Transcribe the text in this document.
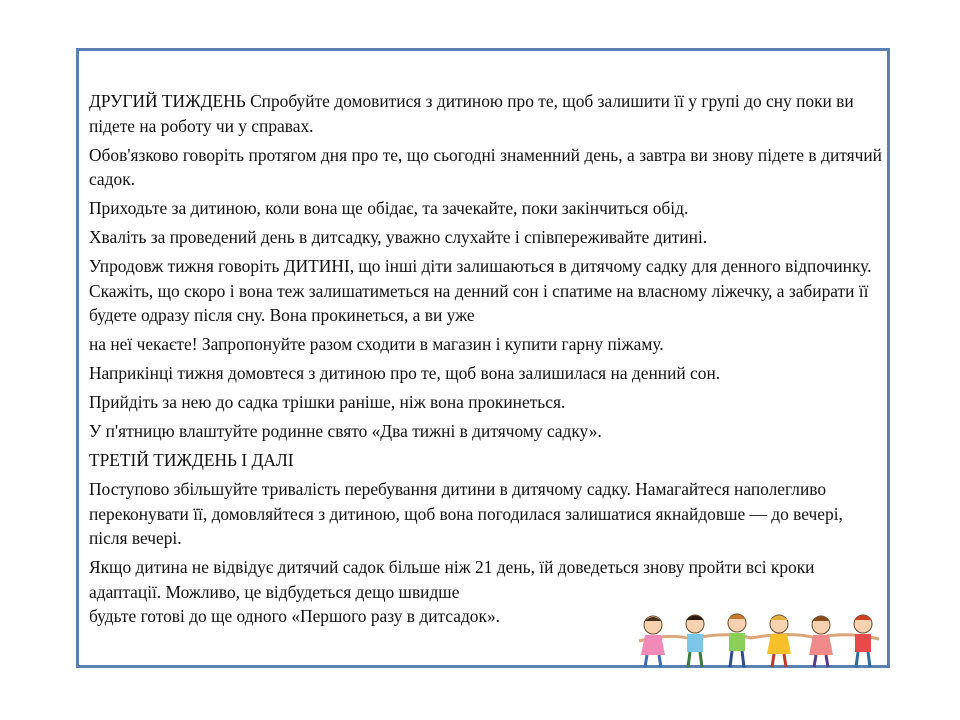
ДРУГИЙ ТИЖДЕНЬ Спробуйте домовитися з дитиною про те, щоб залишити її у групі до сну поки ви підете на роботу чи у справах.

Обов'язково говоріть протягом дня про те, що сьогодні знаменний день, а завтра ви знову підете в дитячий садок.

Приходьте за дитиною, коли вона ще обідає, та зачекайте, поки закінчиться обід.

Хваліть за проведений день в дитсадку, уважно слухайте і співпереживайте дитині.

Упродовж тижня говоріть ДИТИНІ, що інші діти залишаються в дитячому садку для денного відпочинку. Скажіть, що скоро і вона теж залишатиметься на денний сон і спатиме на власному ліжечку, а забирати її будете одразу після сну. Вона прокинеться, а ви уже

на неї чекаєте! Запропонуйте разом сходити в магазин і купити гарну піжаму.

Наприкінці тижня домовтеся з дитиною про те, щоб вона залишилася на денний сон.

Прийдіть за нею до садка трішки раніше, ніж вона прокинеться.

У п'ятницю влаштуйте родинне свято «Два тижні в дитячому садку».

ТРЕТІЙ ТИЖДЕНЬ І ДАЛІ

Поступово збільшуйте тривалість перебування дитини в дитячому садку. Намагайтеся наполегливо переконувати її, домовляйтеся з дитиною, щоб вона погодилася залишатися якнайдовше — до вечері, після вечері.

Якщо дитина не відвідує дитячий садок більше ніж 21 день, їй доведеться знову пройти всі кроки адаптації. Можливо, це відбудеться дещо швидше

будьте готові до ще одного «Першого разу в дитсадок».
